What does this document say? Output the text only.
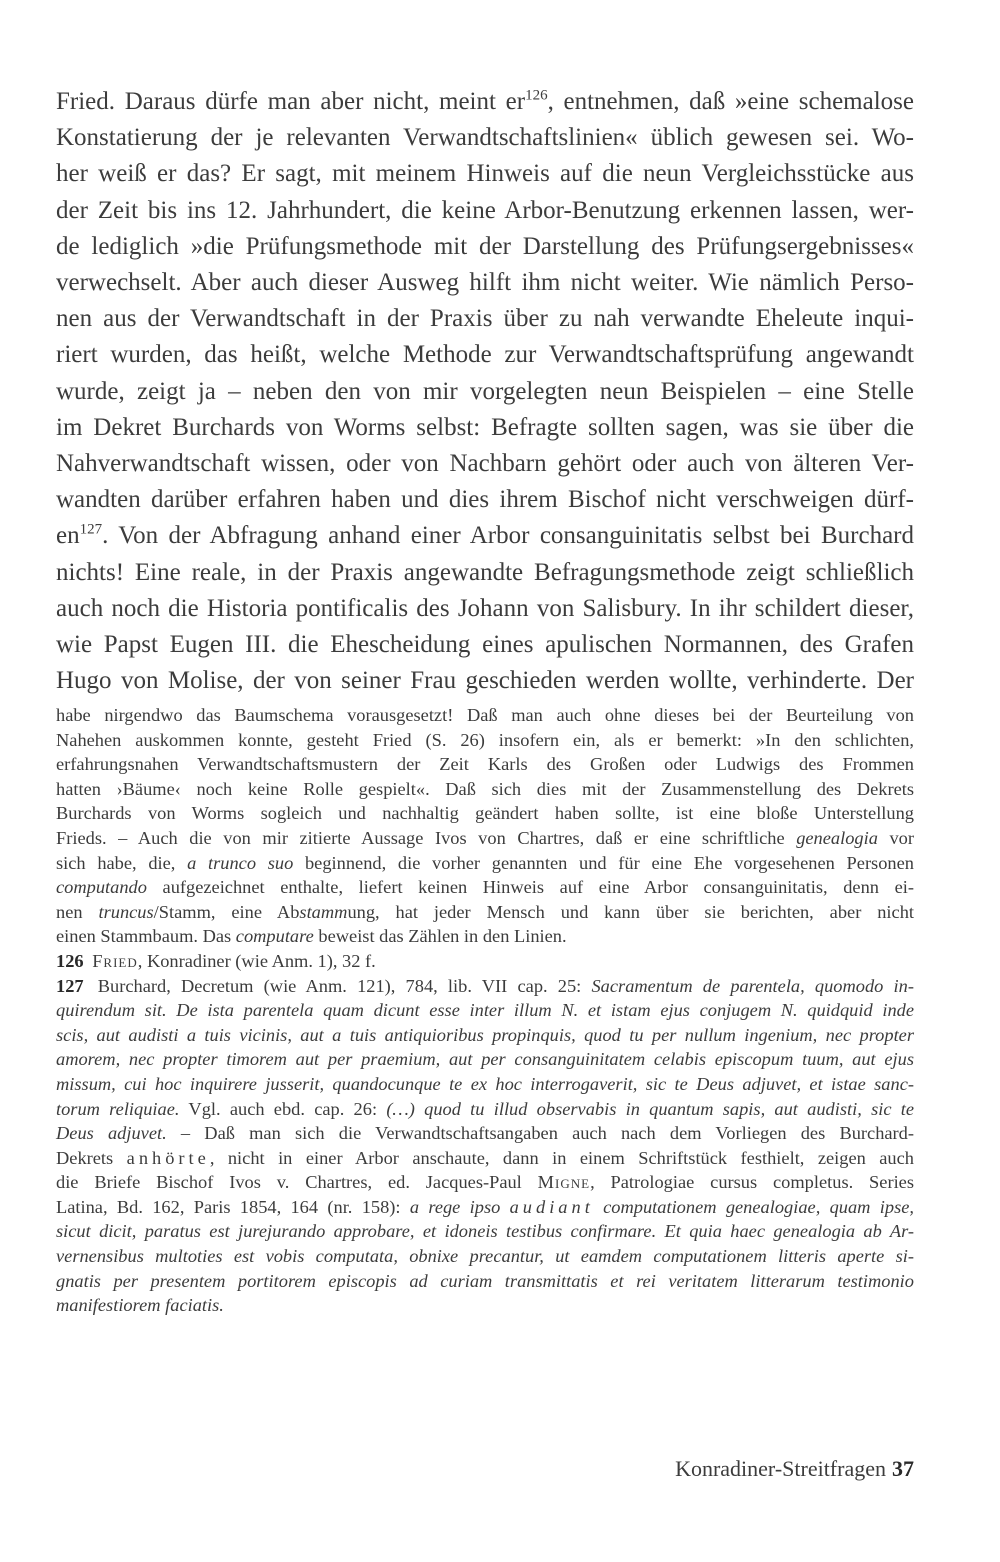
Fried. Daraus dürfe man aber nicht, meint $er^{126}$, entnehmen, daß »eine schemalose
Konstatierung der je relevanten Verwandtschaftslinien« üblich gewesen sei. Wo-
her weiß er das? Er sagt, mit meinem Hinweis auf die neun Vergleichsstücke aus
der Zeit bis ins 12. Jahrhundert, die keine Arbor-Benutzung erkennen lassen, wer-
de lediglich »die Prüfungsmethode mit der Darstellung des Prüfungsergebnisses«
verwechselt. Aber auch dieser Ausweg hilft ihm nicht weiter. Wie nämlich Perso-
nen aus der Verwandtschaft in der Praxis über zu nah verwandte Eheleute inqui-
riert wurden, das heißt, welche Methode zur Verwandtschaftsprüfung angewandt
wurde, zeigt ja – neben den von mir vorgelegten neun Beispielen – eine Stelle
im Dekret Burchards von Worms selbst: Befragte sollten sagen, was sie über die
Nahverwandtschaft wissen, oder von Nachbarn gehört oder auch von älteren Ver-
wandten darüber erfahren haben und dies ihrem Bischof nicht verschweigen dürf-
$en^{127}$. Von der Abfragung anhand einer Arbor consanguinitatis selbst bei Burchard
nichts! Eine reale, in der Praxis angewandte Befragungsmethode zeigt schließlich
auch noch die Historia pontificalis des Johann von Salisbury. In ihr schildert dieser,
wie Papst Eugen III. die Ehescheidung eines apulischen Normannen, des Grafen
Hugo von Molise, der von seiner Frau geschieden werden wollte, verhinderte. Der
habe nirgendwo das Baumschema vorausgesetzt! Daß man auch ohne dieses bei der Beurteilung von
Nahehen auskommen konnte, gesteht Fried (S. 26) insofern ein, als er bemerkt: »In den schlichten,
erfahrungsnahen Verwandtschaftsmustern der Zeit Karls des Großen oder Ludwigs des Frommen
hatten ›Bäume‹ noch keine Rolle gespielt«. Daß sich dies mit der Zusammenstellung des Dekrets
Burchards von Worms sogleich und nachhaltig geändert haben sollte, ist eine bloße Unterstellung
Frieds. – Auch die von mir zitierte Aussage Ivos von Chartres, daß er eine schriftliche genealogia vor
sich habe, die, a trunco suo beginnend, die vorher genannten und für eine Ehe vorgesehenen Personen
computando aufgezeichnet enthalte, liefert keinen Hinweis auf eine Arbor consanguinitatis, denn ei-
nen truncus/Stamm, eine Abstammung, hat jeder Mensch und kann über sie berichten, aber nicht
einen Stammbaum. Das computare beweist das Zählen in den Linien.
126 Fried, Konradiner (wie Anm. 1), 32 f.
127 Burchard, Decretum (wie Anm. 121), 784, lib. VII cap. 25: Sacramentum de parentela, quomodo in-
quirendum sit. De ista parentela quam dicunt esse inter illum N. et istam ejus conjugem N. quidquid inde
scis, aut audisti a tuis vicinis, aut a tuis antiquioribus propinquis, quod tu per nullum ingenium, nec propter
amorem, nec propter timorem aut per praemium, aut per consanguinitatem celabis episcopum tuum, aut ejus
missum, cui hoc inquirere jusserit, quandocunque te ex hoc interrogaverit, sic te Deus adjuvet, et istae sanc-
torum reliquiae. Vgl. auch ebd. cap. 26: (…) quod tu illud observabis in quantum sapis, aut audisti, sic te
Deus adjuvet. – Daß man sich die Verwandtschaftsangaben auch nach dem Vorliegen des Burchard-
Dekrets anhörte, nicht in einer Arbor anschaute, dann in einem Schriftstück festhielt, zeigen auch
die Briefe Bischof Ivos v. Chartres, ed. Jacques-Paul Migne, Patrologiae cursus completus. Series
Latina, Bd. 162, Paris 1854, 164 (nr. 158): a rege ipso audiant computationem genealogiae, quam ipse,
sicut dicit, paratus est jurejurando approbare, et idoneis testibus confirmare. Et quia haec genealogia ab Ar-
vernensibus multoties est vobis computata, obnixe precantur, ut eamdem computationem litteris aperte si-
gnatis per presentem portitorem episcopis ad curiam transmittatis et rei veritatem litterarum testimonio
manifestiorem faciatis.
Konradiner-Streitfragen 37
